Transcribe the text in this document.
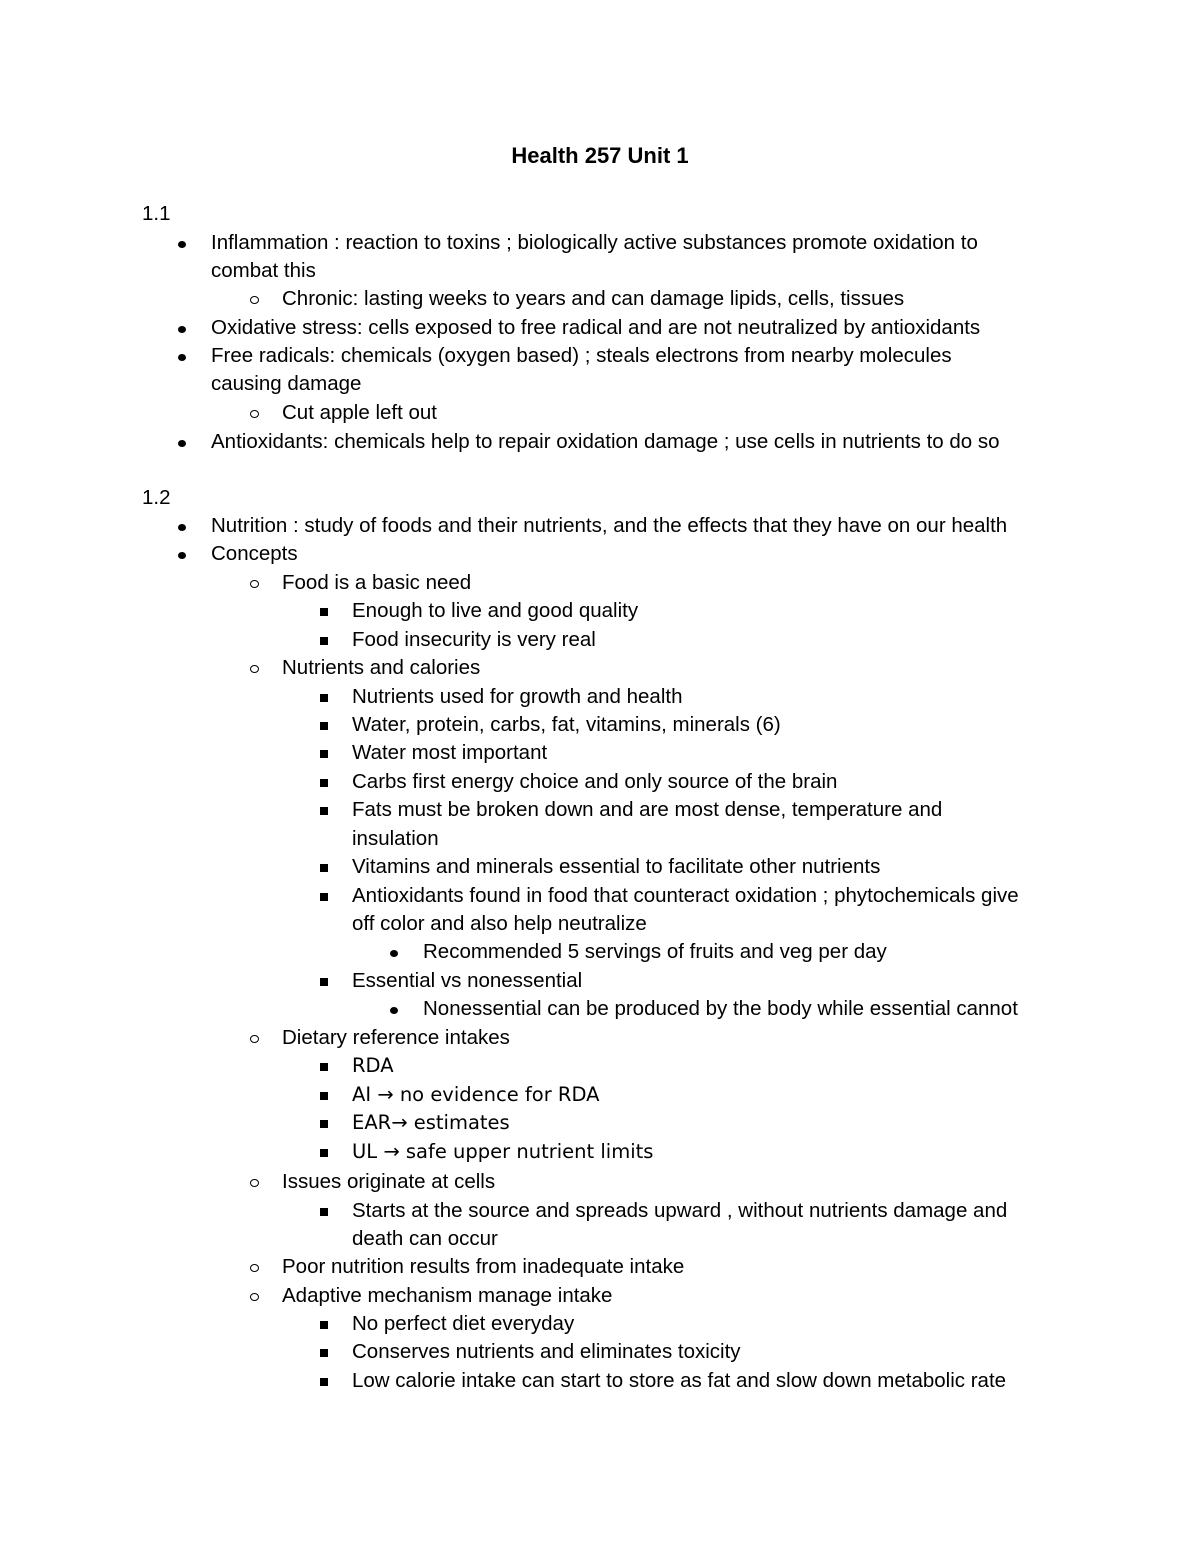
Health 257 Unit 1
1.1
Inflammation : reaction to toxins ; biologically active substances promote oxidation to
combat this
Chronic: lasting weeks to years and can damage lipids, cells, tissues
Oxidative stress: cells exposed to free radical and are not neutralized by antioxidants
Free radicals: chemicals (oxygen based) ; steals electrons from nearby molecules
causing damage
Cut apple left out
Antioxidants: chemicals help to repair oxidation damage ; use cells in nutrients to do so
1.2
Nutrition : study of foods and their nutrients, and the effects that they have on our health
Concepts
Food is a basic need
Enough to live and good quality
Food insecurity is very real
Nutrients and calories
Nutrients used for growth and health
Water, protein, carbs, fat, vitamins, minerals (6)
Water most important
Carbs first energy choice and only source of the brain
Fats must be broken down and are most dense, temperature and
insulation
Vitamins and minerals essential to facilitate other nutrients
Antioxidants found in food that counteract oxidation ; phytochemicals give
off color and also help neutralize
Recommended 5 servings of fruits and veg per day
Essential vs nonessential
Nonessential can be produced by the body while essential cannot
Dietary reference intakes
RDA
AI → no evidence for RDA
EAR→ estimates
UL → safe upper nutrient limits
Issues originate at cells
Starts at the source and spreads upward , without nutrients damage and
death can occur
Poor nutrition results from inadequate intake
Adaptive mechanism manage intake
No perfect diet everyday
Conserves nutrients and eliminates toxicity
Low calorie intake can start to store as fat and slow down metabolic rate
